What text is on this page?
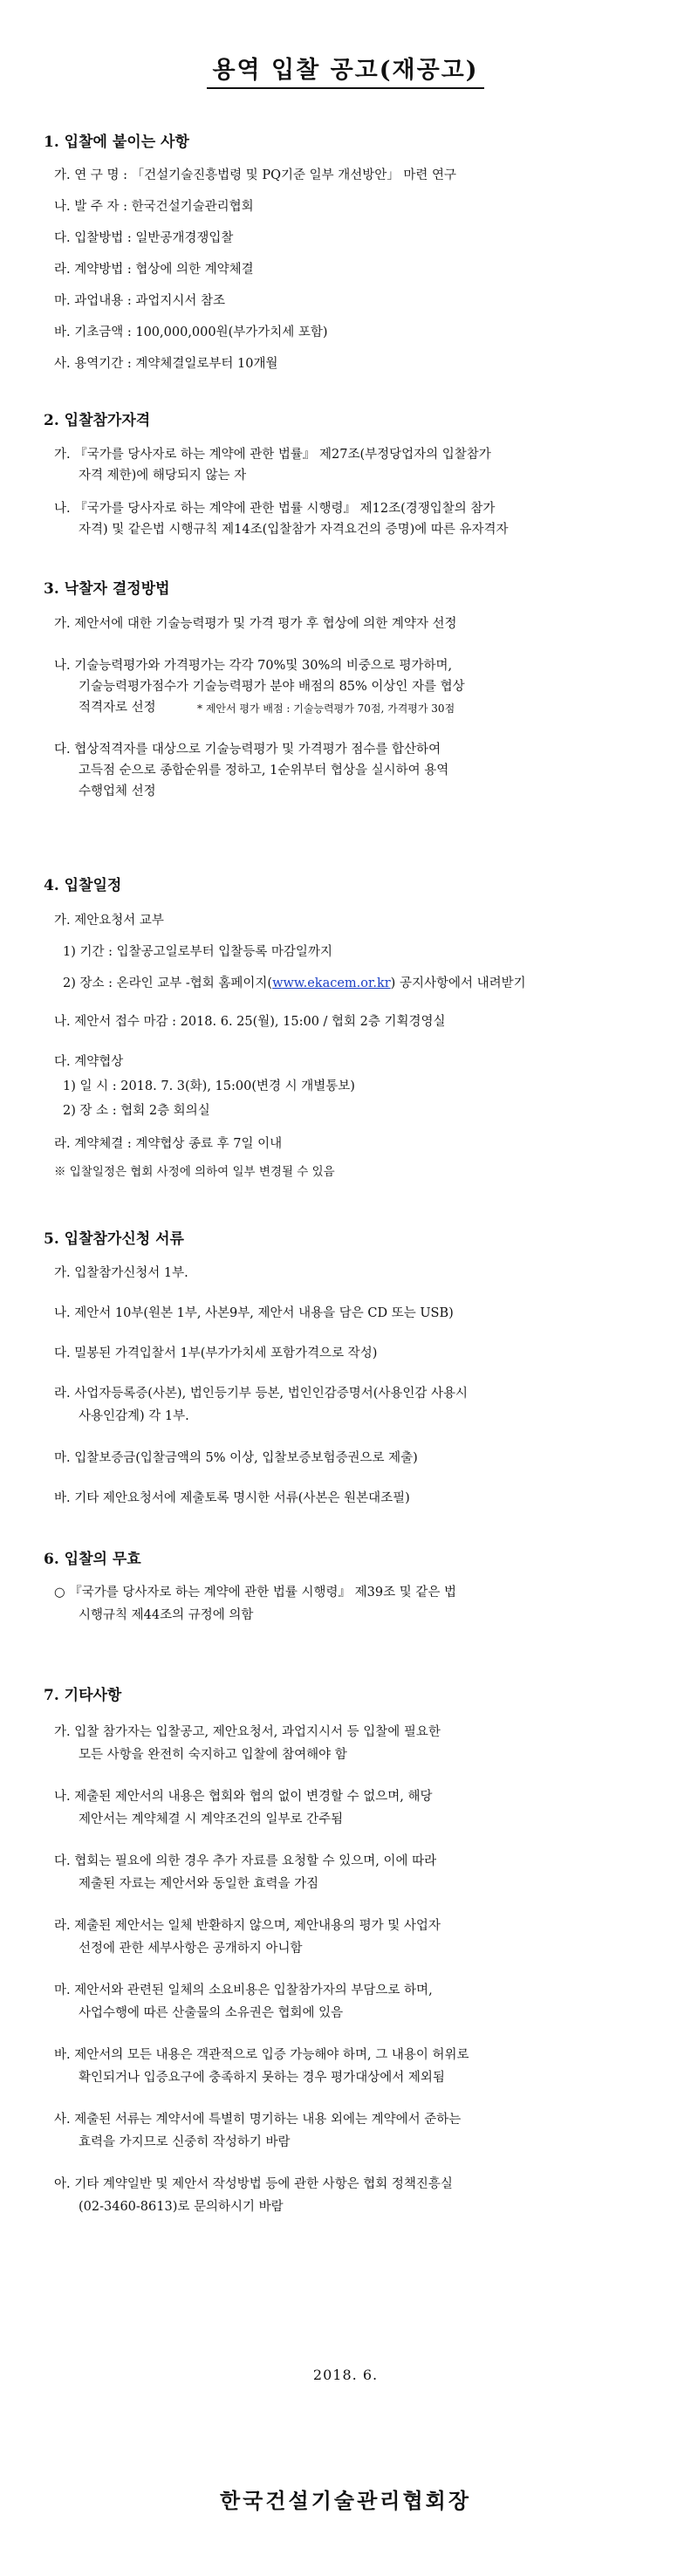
용역 입찰 공고(재공고)
1. 입찰에 붙이는 사항
가. 연 구 명 : 「건설기술진흥법령 및 PQ기준 일부 개선방안」 마련 연구
나. 발 주 자 : 한국건설기술관리협회
다. 입찰방법 : 일반공개경쟁입찰
라. 계약방법 : 협상에 의한 계약체결
마. 과업내용 : 과업지시서 참조
바. 기초금액 : 100,000,000원(부가가치세 포함)
사. 용역기간 : 계약체결일로부터 10개월
2. 입찰참가자격
가. 『국가를 당사자로 하는 계약에 관한 법률』 제27조(부정당업자의 입찰참가
자격 제한)에 해당되지 않는 자
나. 『국가를 당사자로 하는 계약에 관한 법률 시행령』 제12조(경쟁입찰의 참가
자격) 및 같은법 시행규칙 제14조(입찰참가 자격요건의 증명)에 따른 유자격자
3. 낙찰자 결정방법
가. 제안서에 대한 기술능력평가 및 가격 평가 후 협상에 의한 계약자 선정
나. 기술능력평가와 가격평가는 각각 70%및 30%의 비중으로 평가하며,
기술능력평가점수가 기술능력평가 분야 배점의 85% 이상인 자를 협상
적격자로 선정	* 제안서 평가 배점 : 기술능력평가 70점, 가격평가 30점
다. 협상적격자를 대상으로 기술능력평가 및 가격평가 점수를 합산하여
고득점 순으로 종합순위를 정하고, 1순위부터 협상을 실시하여 용역
수행업체 선정
4. 입찰일정
가. 제안요청서 교부
1) 기간 : 입찰공고일로부터 입찰등록 마감일까지
2) 장소 : 온라인 교부 -협회 홈페이지(www.ekacem.or.kr) 공지사항에서 내려받기
나. 제안서 접수 마감 : 2018. 6. 25(월), 15:00 / 협회 2층 기획경영실
다. 계약협상
1) 일 시 : 2018. 7. 3(화), 15:00(변경 시 개별통보)
2) 장 소 : 협회 2층 회의실
라. 계약체결 : 계약협상 종료 후 7일 이내
※ 입찰일정은 협회 사정에 의하여 일부 변경될 수 있음
5. 입찰참가신청 서류
가. 입찰참가신청서 1부.
나. 제안서 10부(원본 1부, 사본9부, 제안서 내용을 담은 CD 또는 USB)
다. 밀봉된 가격입찰서 1부(부가가치세 포함가격으로 작성)
라. 사업자등록증(사본), 법인등기부 등본, 법인인감증명서(사용인감 사용시
사용인감계) 각 1부.
마. 입찰보증금(입찰금액의 5% 이상, 입찰보증보험증권으로 제출)
바. 기타 제안요청서에 제출토록 명시한 서류(사본은 원본대조필)
6. 입찰의 무효
○ 『국가를 당사자로 하는 계약에 관한 법률 시행령』 제39조 및 같은 법
시행규칙 제44조의 규정에 의함
7. 기타사항
가. 입찰 참가자는 입찰공고, 제안요청서, 과업지시서 등 입찰에 필요한
모든 사항을 완전히 숙지하고 입찰에 참여해야 함
나. 제출된 제안서의 내용은 협회와 협의 없이 변경할 수 없으며, 해당
제안서는 계약체결 시 계약조건의 일부로 간주됨
다. 협회는 필요에 의한 경우 추가 자료를 요청할 수 있으며, 이에 따라
제출된 자료는 제안서와 동일한 효력을 가짐
라. 제출된 제안서는 일체 반환하지 않으며, 제안내용의 평가 및 사업자
선정에 관한 세부사항은 공개하지 아니함
마. 제안서와 관련된 일체의 소요비용은 입찰참가자의 부담으로 하며,
사업수행에 따른 산출물의 소유권은 협회에 있음
바. 제안서의 모든 내용은 객관적으로 입증 가능해야 하며, 그 내용이 허위로
확인되거나 입증요구에 충족하지 못하는 경우 평가대상에서 제외됨
사. 제출된 서류는 계약서에 특별히 명기하는 내용 외에는 계약에서 준하는
효력을 가지므로 신중히 작성하기 바람
아. 기타 계약일반 및 제안서 작성방법 등에 관한 사항은 협회 정책진흥실
(02-3460-8613)로 문의하시기 바람
2018. 6.
한국건설기술관리협회장
